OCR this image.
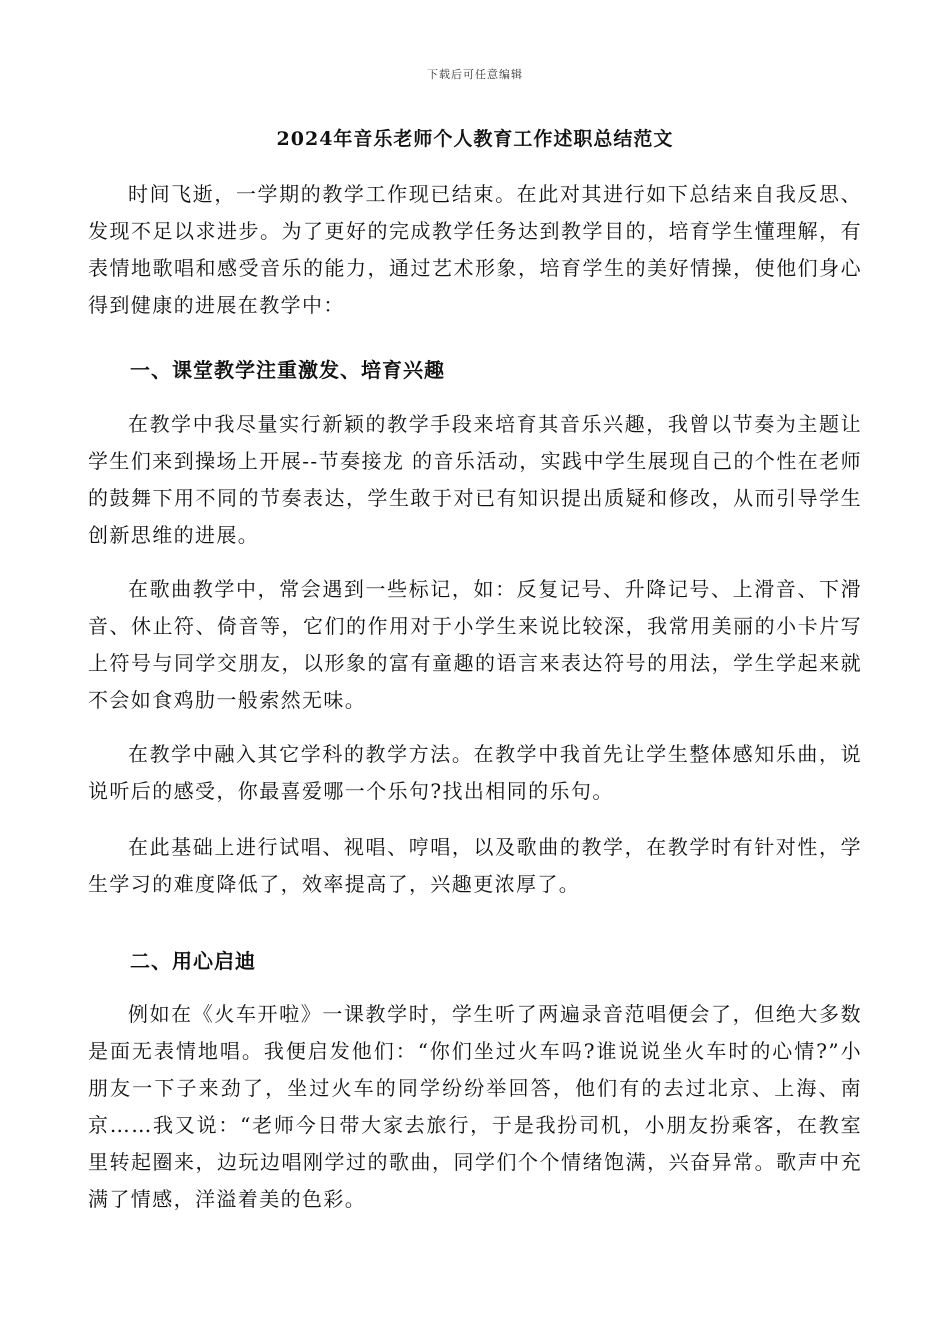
下载后可任意编辑
2024年音乐老师个人教育工作述职总结范文

时间飞逝，一学期的教学工作现已结束。在此对其进行如下总结来自我反思、发现不足以求进步。为了更好的完成教学任务达到教学目的，培育学生懂理解，有表情地歌唱和感受音乐的能力，通过艺术形象，培育学生的美好情操，使他们身心得到健康的进展在教学中：

一、课堂教学注重激发、培育兴趣

在教学中我尽量实行新颖的教学手段来培育其音乐兴趣，我曾以节奏为主题让学生们来到操场上开展--节奏接龙 的音乐活动，实践中学生展现自己的个性在老师的鼓舞下用不同的节奏表达，学生敢于对已有知识提出质疑和修改，从而引导学生创新思维的进展。

在歌曲教学中，常会遇到一些标记，如：反复记号、升降记号、上滑音、下滑音、休止符、倚音等，它们的作用对于小学生来说比较深，我常用美丽的小卡片写上符号与同学交朋友，以形象的富有童趣的语言来表达符号的用法，学生学起来就不会如食鸡肋一般索然无味。

在教学中融入其它学科的教学方法。在教学中我首先让学生整体感知乐曲，说说听后的感受，你最喜爱哪一个乐句?找出相同的乐句。

在此基础上进行试唱、视唱、哼唱，以及歌曲的教学，在教学时有针对性，学生学习的难度降低了，效率提高了，兴趣更浓厚了。

二、用心启迪

例如在《火车开啦》一课教学时，学生听了两遍录音范唱便会了，但绝大多数是面无表情地唱。我便启发他们：“你们坐过火车吗?谁说说坐火车时的心情?”小朋友一下子来劲了，坐过火车的同学纷纷举回答，他们有的去过北京、上海、南京……我又说：“老师今日带大家去旅行，于是我扮司机，小朋友扮乘客，在教室里转起圈来，边玩边唱刚学过的歌曲，同学们个个情绪饱满，兴奋异常。歌声中充满了情感，洋溢着美的色彩。
